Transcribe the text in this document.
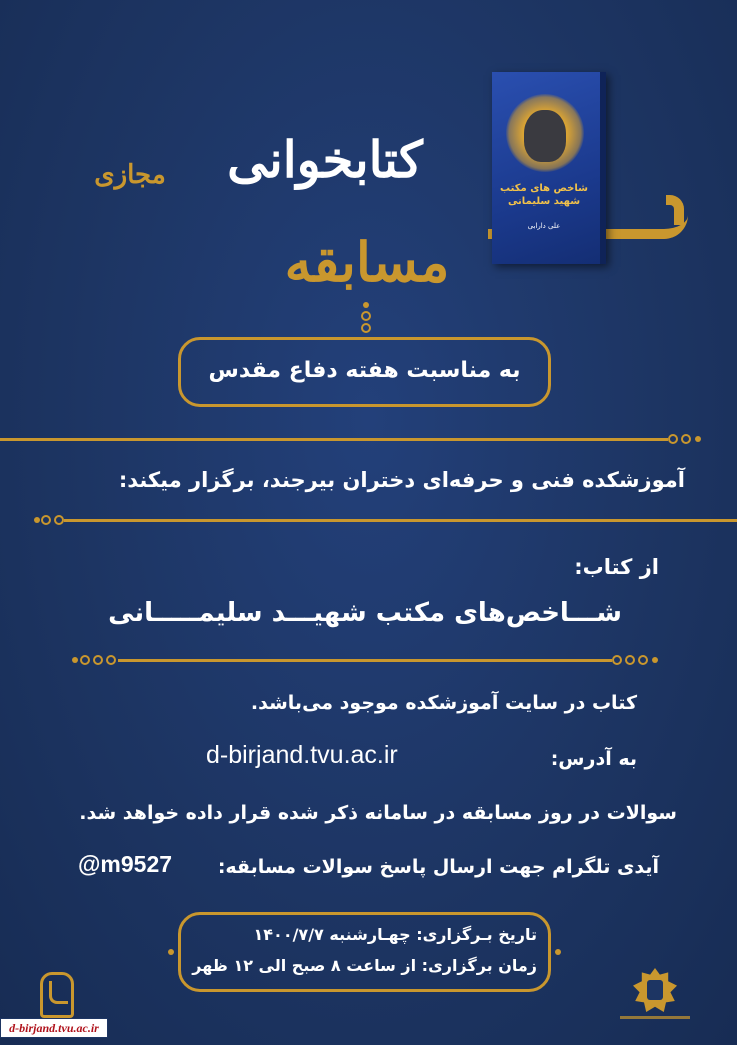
مسابقه
کتابخوانی
مجازی	شاخص های مکتب شهید سلیمانی
علی دارابی
به مناسبت هفته دفاع مقدس
آموزشکده فنی و حرفه‌ای دختران بیرجند، برگزار میکند:
از کتاب:
شـــاخص‌های مکتب شهیـــد سلیمـــــانی
کتاب در سایت آموزشکده موجود می‌باشد.
به آدرس:
d-birjand.tvu.ac.ir
سوالات در روز مسابقه در سامانه ذکر شده قرار داده خواهد شد.
آیدی تلگرام جهت ارسال پاسخ سوالات مسابقه:
@m9527
تاریخ بـرگزاری: چهـارشنبه ۱۴۰۰/۷/۷
زمان برگزاری: از ساعت ۸ صبح الی ۱۲ ظهر
d-birjand.tvu.ac.ir
